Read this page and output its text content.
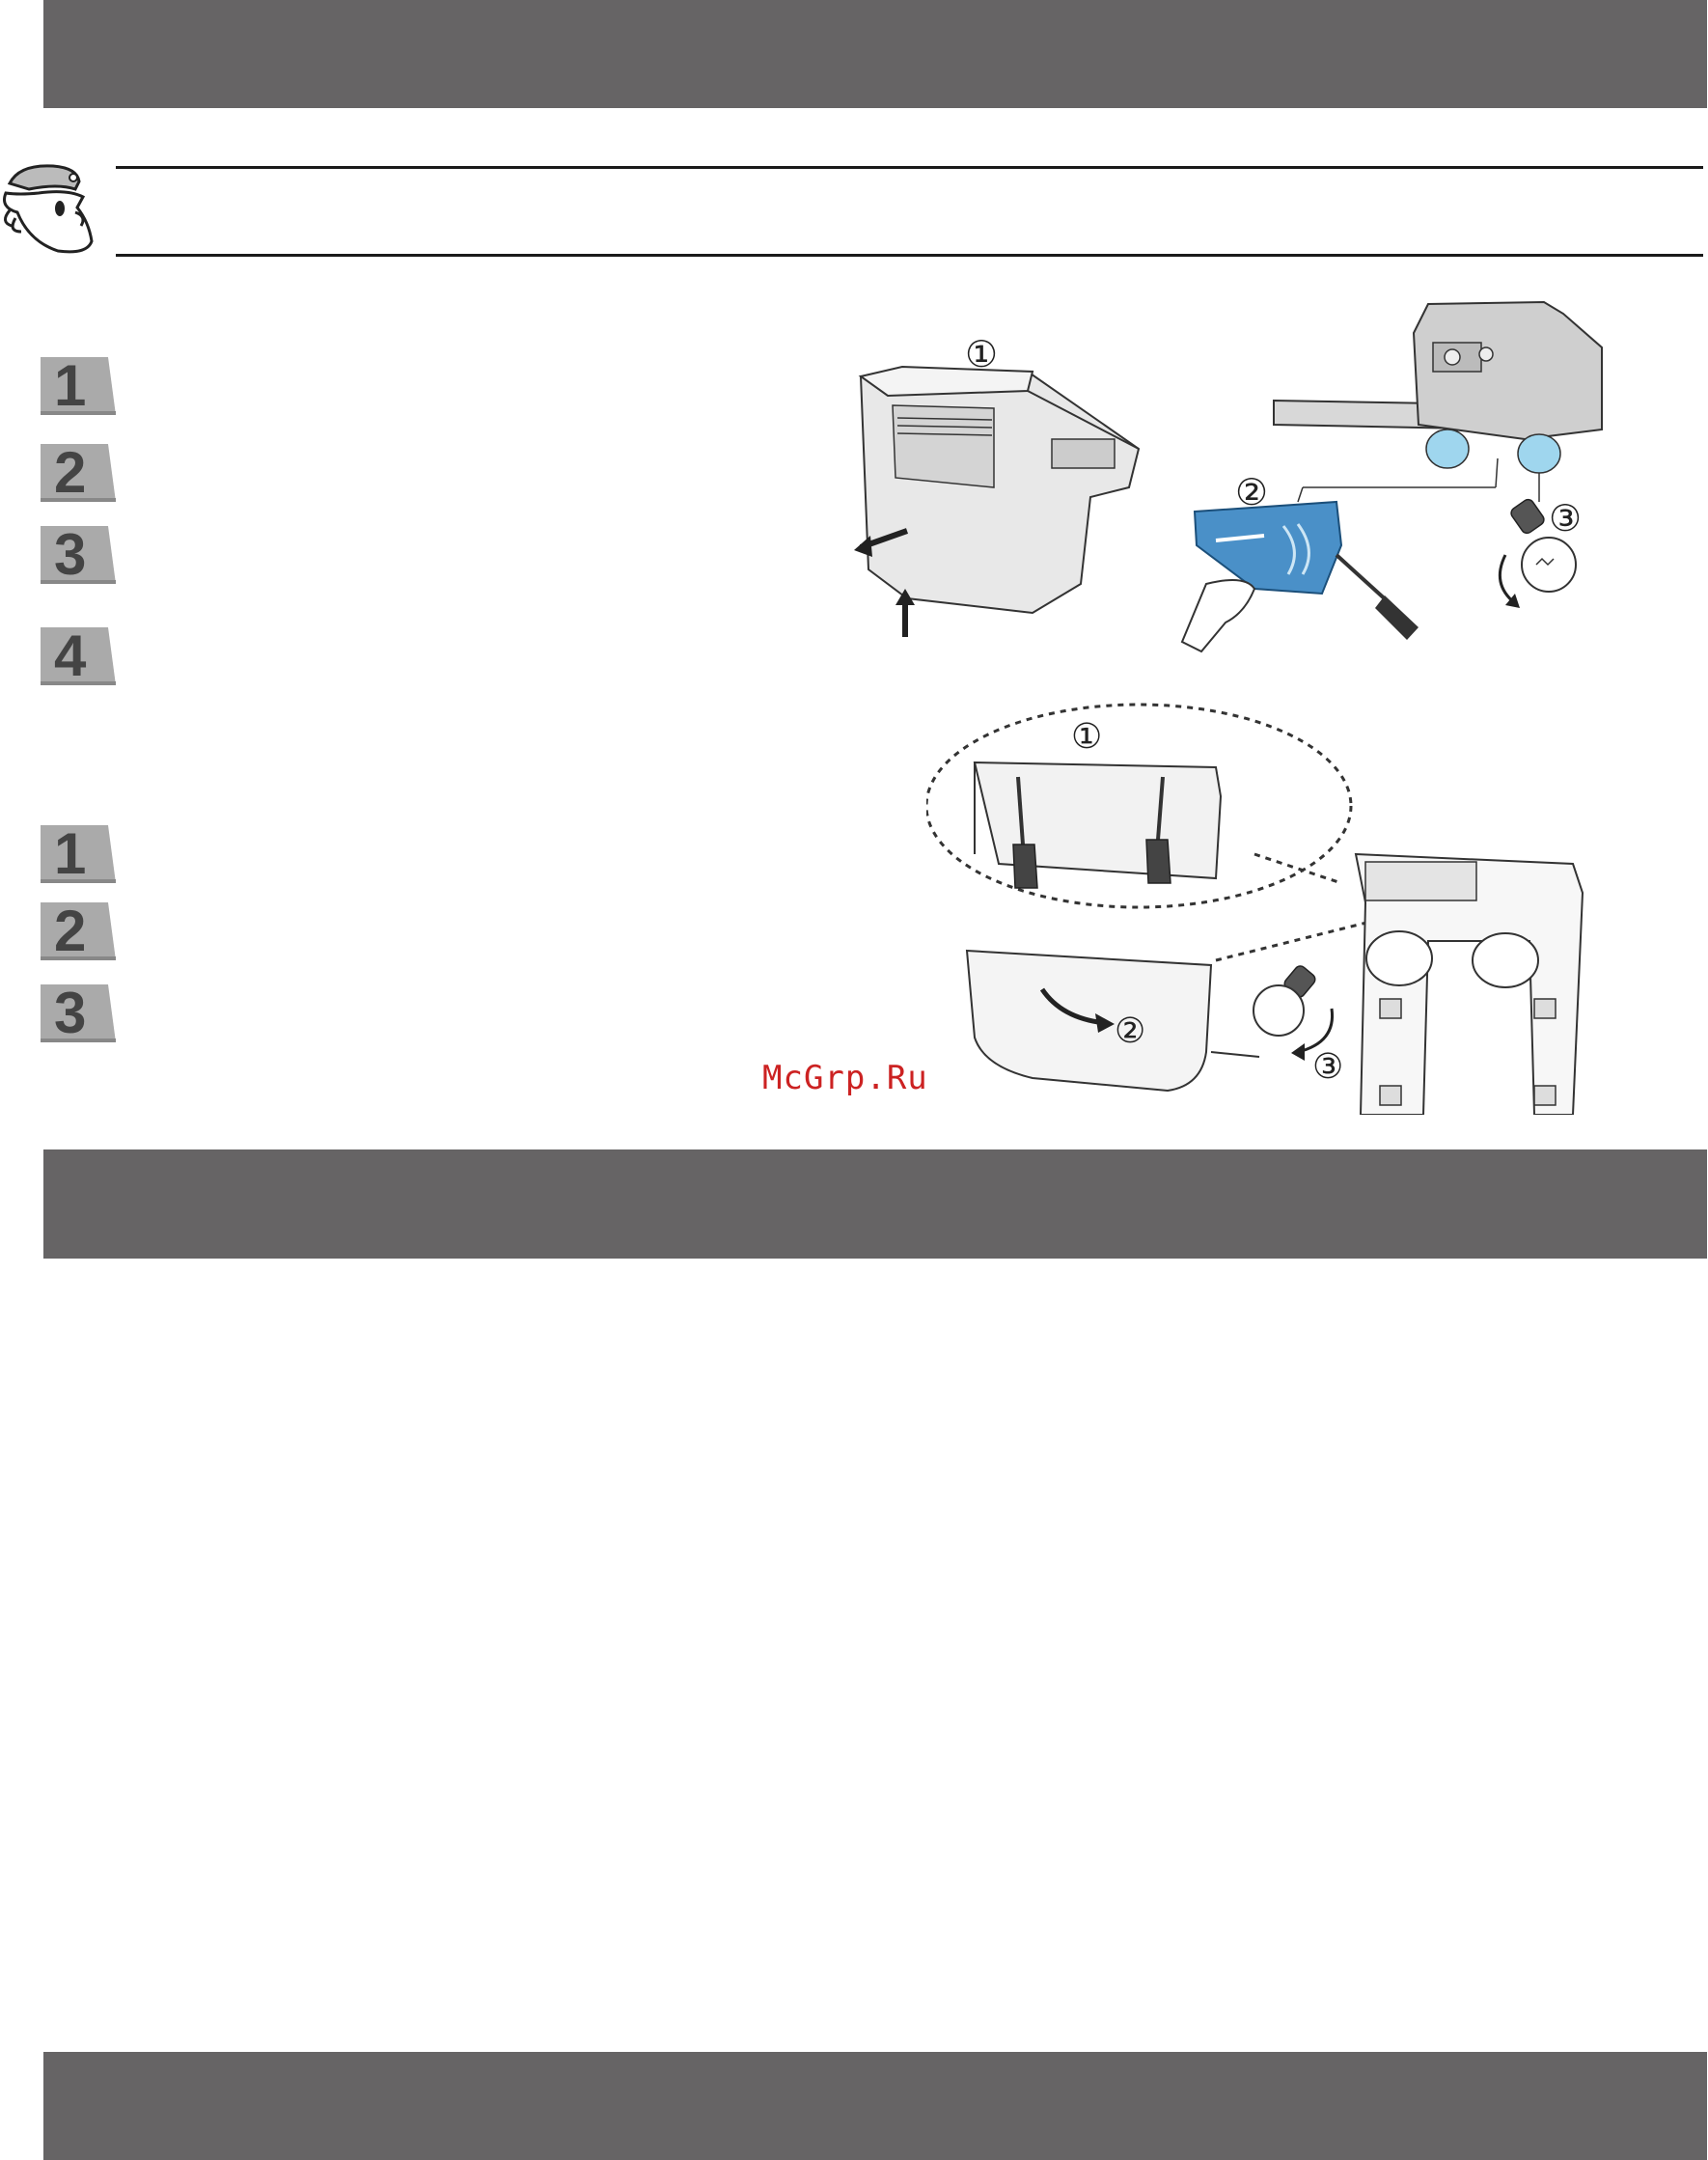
1
2
3
4
1
2
3
①
②
③
①
②
③
McGrp.Ru
